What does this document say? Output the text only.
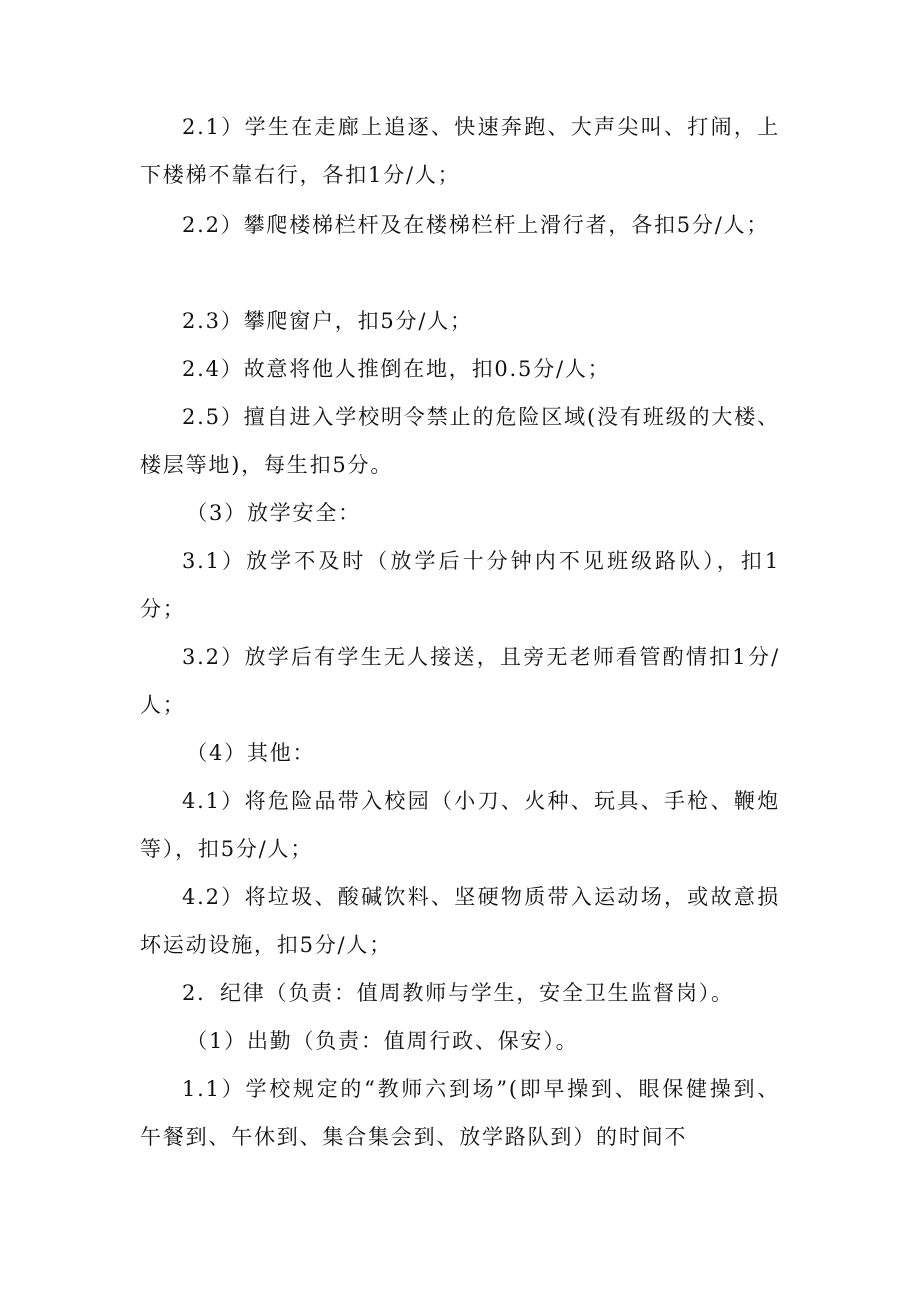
2.1）学生在走廊上追逐、快速奔跑、大声尖叫、打闹，上下楼梯不靠右行，各扣1分/人；

2.2）攀爬楼梯栏杆及在楼梯栏杆上滑行者，各扣5分/人；

2.3）攀爬窗户，扣5分/人；

2.4）故意将他人推倒在地，扣0.5分/人；

2.5）擅自进入学校明令禁止的危险区域(没有班级的大楼、楼层等地)，每生扣5分。

（3）放学安全：

3.1）放学不及时（放学后十分钟内不见班级路队），扣1分；

3.2）放学后有学生无人接送，且旁无老师看管酌情扣1分/人；

（4）其他：

4.1）将危险品带入校园（小刀、火种、玩具、手枪、鞭炮等），扣5分/人；

4.2）将垃圾、酸碱饮料、坚硬物质带入运动场，或故意损坏运动设施，扣5分/人；

2．纪律（负责：值周教师与学生，安全卫生监督岗）。

（1）出勤（负责：值周行政、保安）。

1.1）学校规定的“教师六到场”(即早操到、眼保健操到、午餐到、午休到、集合集会到、放学路队到）的时间不
